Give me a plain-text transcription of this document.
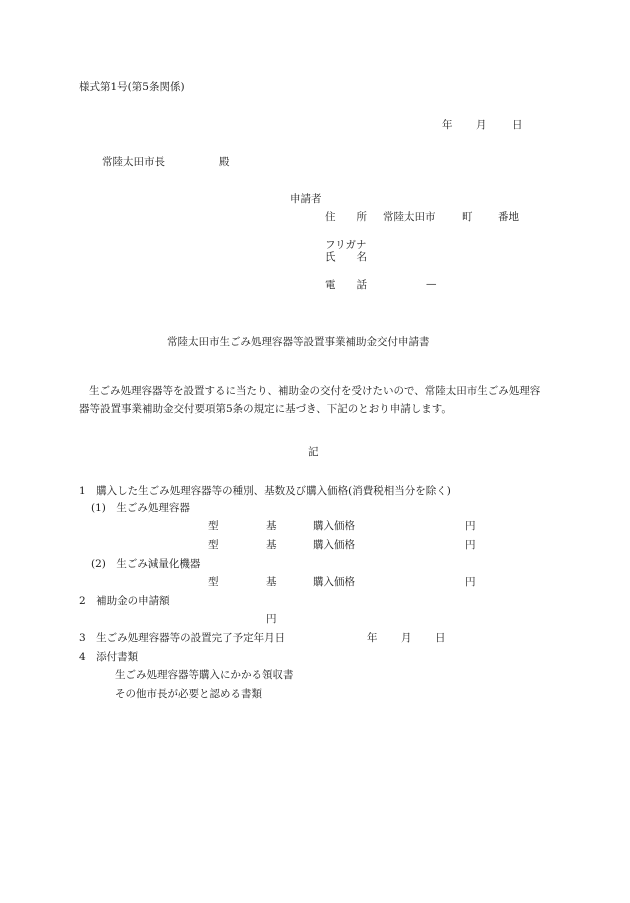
様式第1号(第5条関係)
年 月 日
常陸太田市長	殿
申請者
住　　所 常陸太田市	町 番地
フリガナ
氏　　名
電　　話	—
常陸太田市生ごみ処理容器等設置事業補助金交付申請書
生ごみ処理容器等を設置するに当たり、補助金の交付を受けたいので、常陸太田市生ごみ処理容器等設置事業補助金交付要項第5条の規定に基づき、下記のとおり申請します。
記
1　購入した生ごみ処理容器等の種別、基数及び購入価格(消費税相当分を除く)
(1)　生ごみ処理容器
型	基	購入価格	円
型	基	購入価格	円
(2)　生ごみ減量化機器
型	基	購入価格	円
2　補助金の申請額
円
3　生ごみ処理容器等の設置完了予定年月日	年 月 日
4　添付書類
生ごみ処理容器等購入にかかる領収書
その他市長が必要と認める書類
